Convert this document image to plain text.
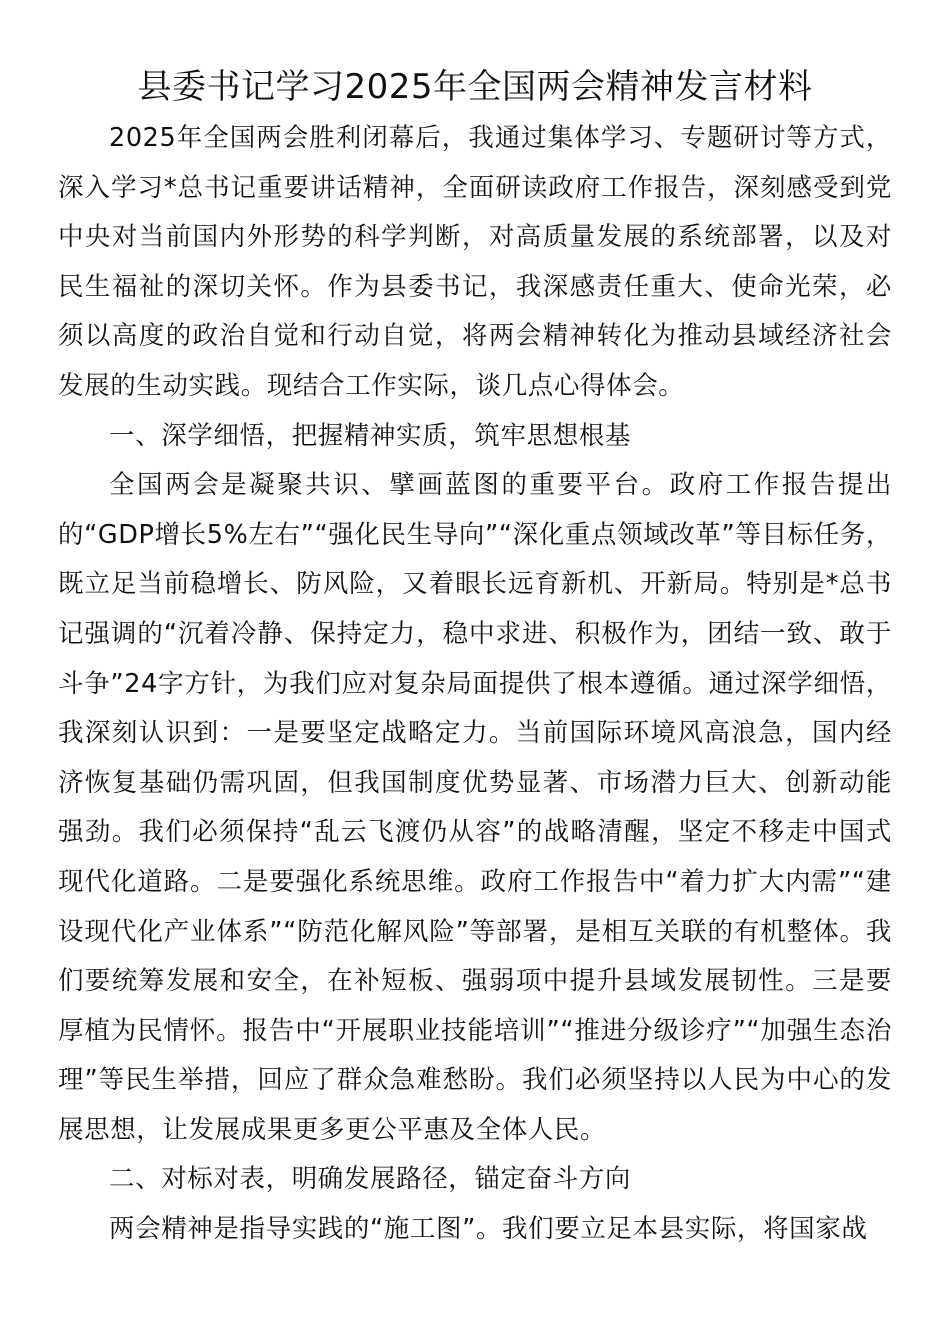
县委书记学习2025年全国两会精神发言材料

2025年全国两会胜利闭幕后，我通过集体学习、专题研讨等方式，深入学习*总书记重要讲话精神，全面研读政府工作报告，深刻感受到党中央对当前国内外形势的科学判断，对高质量发展的系统部署，以及对民生福祉的深切关怀。作为县委书记，我深感责任重大、使命光荣，必须以高度的政治自觉和行动自觉，将两会精神转化为推动县域经济社会发展的生动实践。现结合工作实际，谈几点心得体会。

一、深学细悟，把握精神实质，筑牢思想根基

全国两会是凝聚共识、擘画蓝图的重要平台。政府工作报告提出的“GDP增长5%左右”“强化民生导向”“深化重点领域改革”等目标任务，既立足当前稳增长、防风险，又着眼长远育新机、开新局。特别是*总书记强调的“沉着冷静、保持定力，稳中求进、积极作为，团结一致、敢于斗争”24字方针，为我们应对复杂局面提供了根本遵循。通过深学细悟，我深刻认识到：一是要坚定战略定力。当前国际环境风高浪急，国内经济恢复基础仍需巩固，但我国制度优势显著、市场潜力巨大、创新动能强劲。我们必须保持“乱云飞渡仍从容”的战略清醒，坚定不移走中国式现代化道路。二是要强化系统思维。政府工作报告中“着力扩大内需”“建设现代化产业体系”“防范化解风险”等部署，是相互关联的有机整体。我们要统筹发展和安全，在补短板、强弱项中提升县域发展韧性。三是要厚植为民情怀。报告中“开展职业技能培训”“推进分级诊疗”“加强生态治理”等民生举措，回应了群众急难愁盼。我们必须坚持以人民为中心的发展思想，让发展成果更多更公平惠及全体人民。

二、对标对表，明确发展路径，锚定奋斗方向

两会精神是指导实践的“施工图”。我们要立足本县实际，将国家战
